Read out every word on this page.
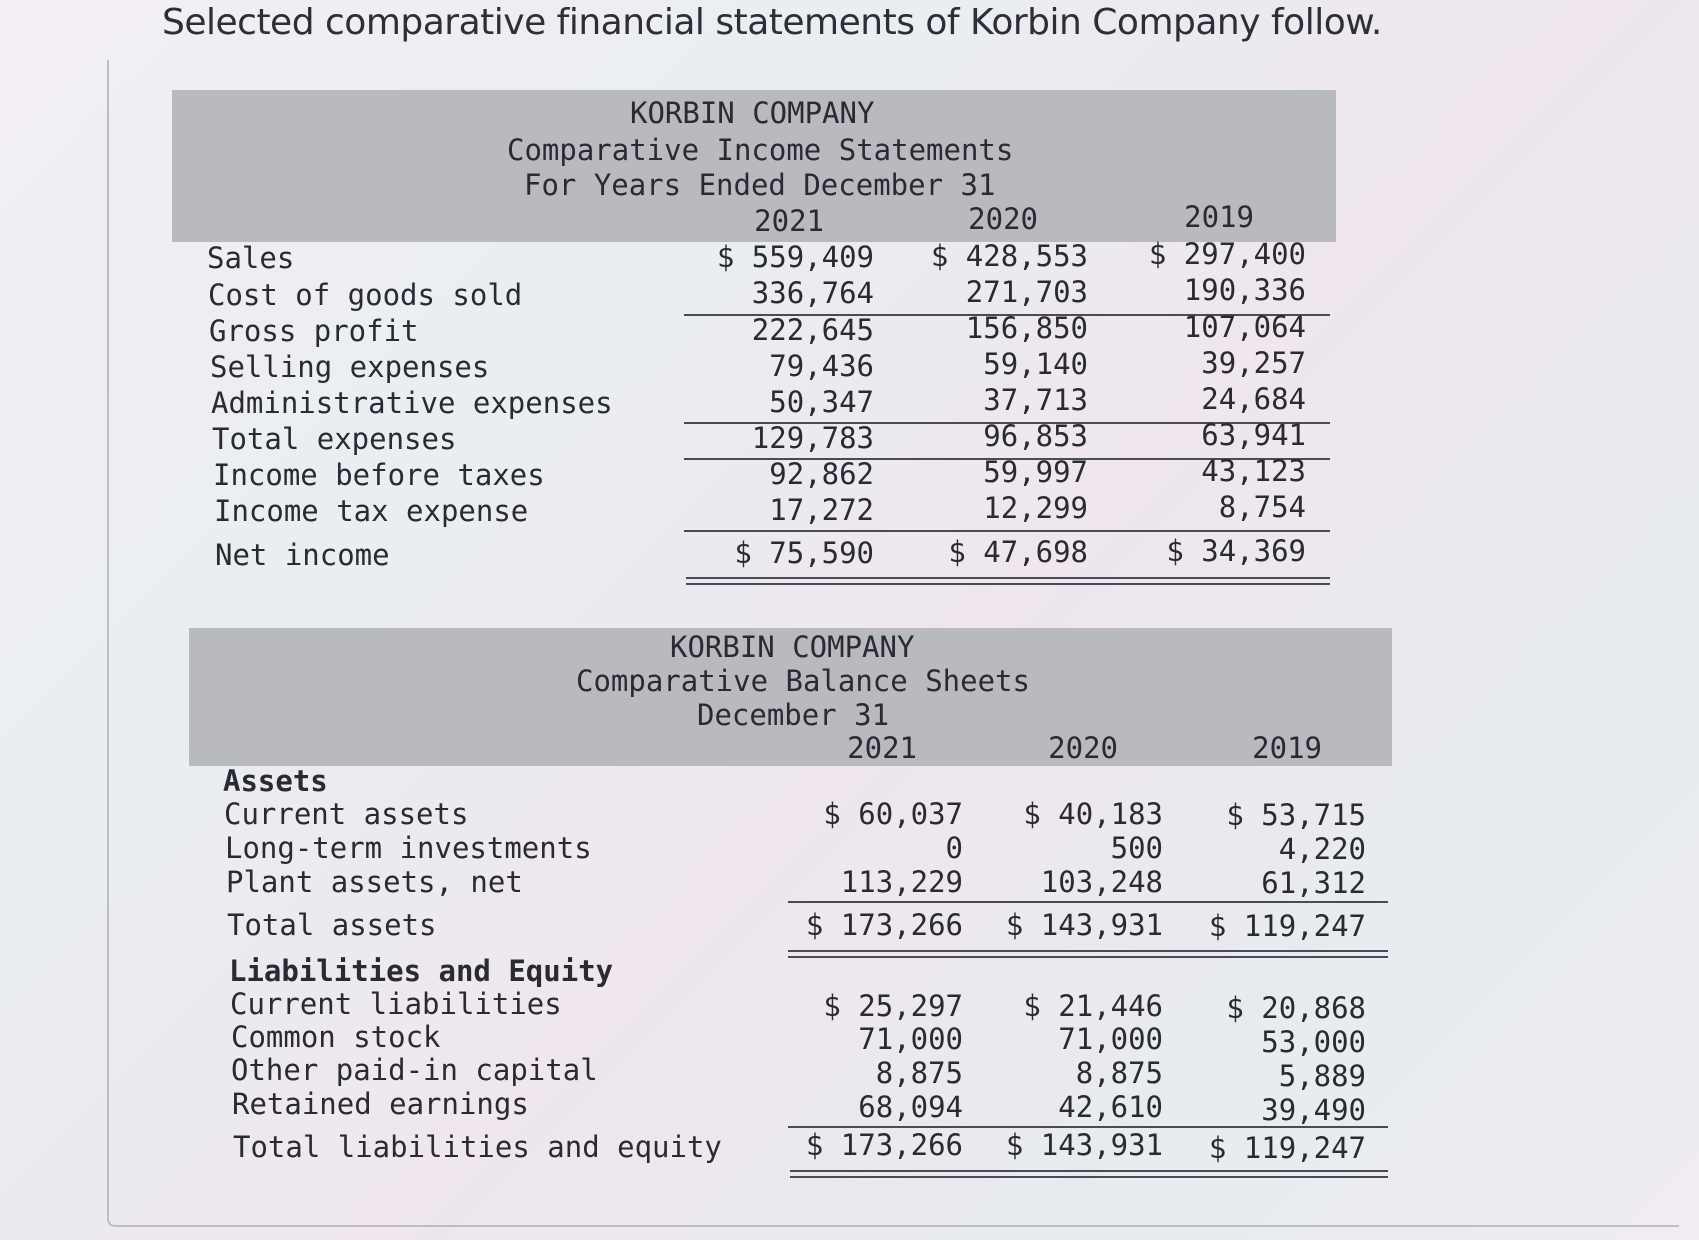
Selected comparative financial statements of Korbin Company follow.
KORBIN COMPANY
Comparative Income Statements
For Years Ended December 31
2021	2020	2019
Sales	$ 559,409	$ 428,553	$ 297,400
Cost of goods sold	336,764	271,703	190,336
Gross profit	222,645	156,850	107,064
Selling expenses	79,436	59,140	39,257
Administrative expenses	50,347	37,713	24,684
Total expenses	129,783	96,853	63,941
Income before taxes	92,862	59,997	43,123
Income tax expense	17,272	12,299	8,754
Net income	$ 75,590	$ 47,698	$ 34,369
KORBIN COMPANY
Comparative Balance Sheets
December 31
2021	2020	2019
Assets
Current assets	$ 60,037	$ 40,183	$ 53,715
Long-term investments	0	500	4,220
Plant assets, net	113,229	103,248	61,312
Total assets	$ 173,266	$ 143,931	$ 119,247
Liabilities and Equity
Current liabilities	$ 25,297	$ 21,446	$ 20,868
Common stock	71,000	71,000	53,000
Other paid-in capital	8,875	8,875	5,889
Retained earnings	68,094	42,610	39,490
Total liabilities and equity	$ 173,266	$ 143,931	$ 119,247
